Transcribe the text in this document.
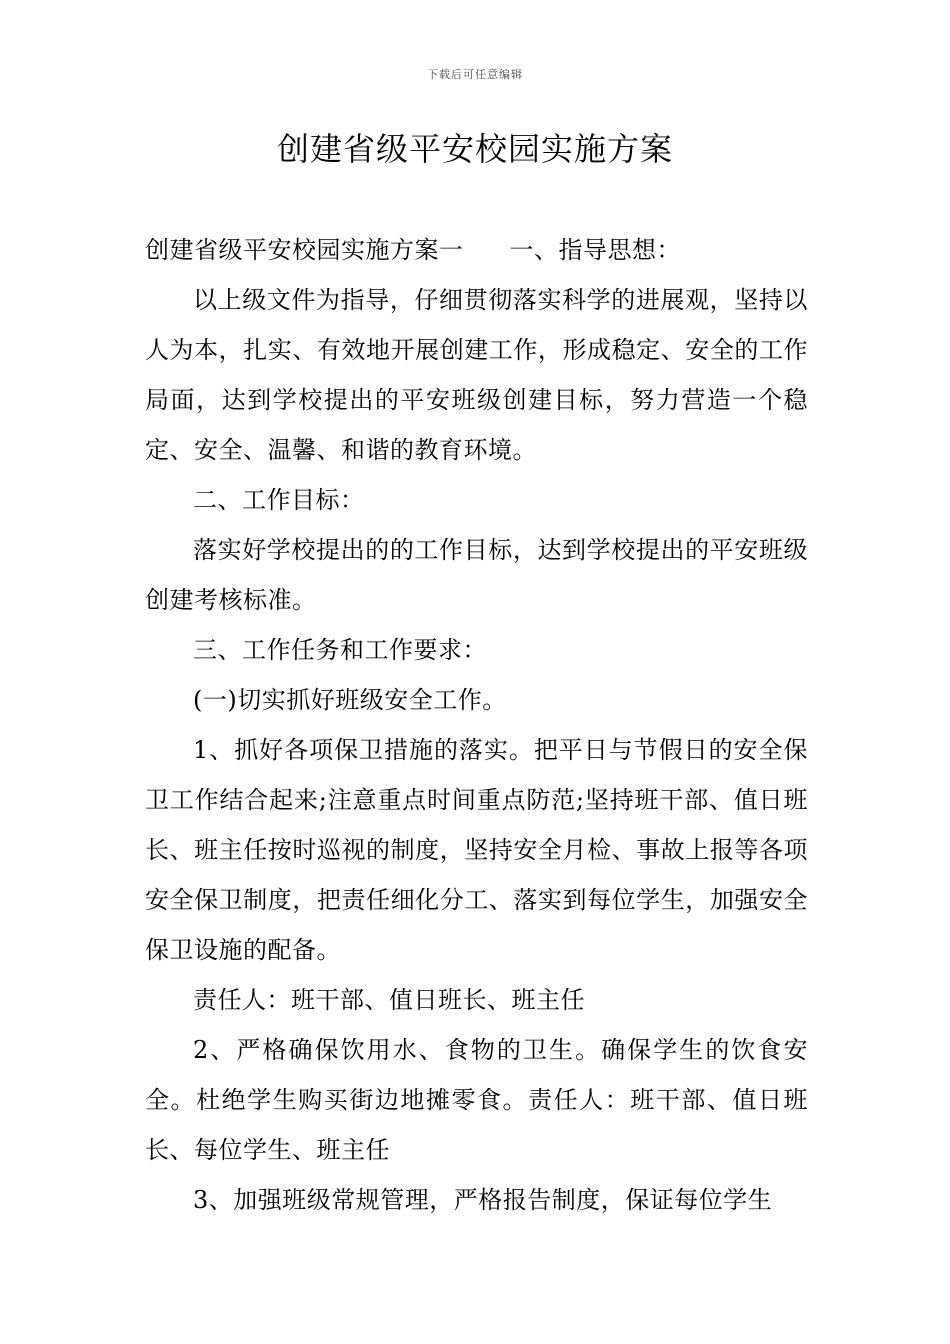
下载后可任意编辑
创建省级平安校园实施方案

创建省级平安校园实施方案一 一、指导思想：

以上级文件为指导，仔细贯彻落实科学的进展观，坚持以人为本，扎实、有效地开展创建工作，形成稳定、安全的工作局面，达到学校提出的平安班级创建目标，努力营造一个稳定、安全、温馨、和谐的教育环境。

二、工作目标：

落实好学校提出的的工作目标，达到学校提出的平安班级创建考核标准。

三、工作任务和工作要求：

(一)切实抓好班级安全工作。

1、抓好各项保卫措施的落实。把平日与节假日的安全保卫工作结合起来;注意重点时间重点防范;坚持班干部、值日班长、班主任按时巡视的制度，坚持安全月检、事故上报等各项安全保卫制度，把责任细化分工、落实到每位学生，加强安全保卫设施的配备。

责任人：班干部、值日班长、班主任

2、严格确保饮用水、食物的卫生。确保学生的饮食安全。杜绝学生购买街边地摊零食。责任人：班干部、值日班长、每位学生、班主任

3、加强班级常规管理，严格报告制度，保证每位学生
